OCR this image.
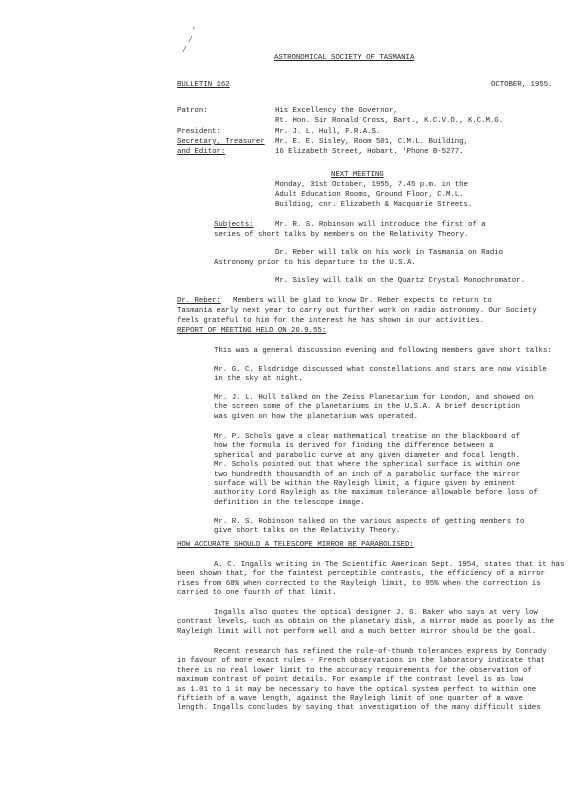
,
/
/
ASTRONOMICAL SOCIETY OF TASMANIA
BULLETIN 162	OCTOBER, 1955.
Patron:	His Excellency the Governor,
Rt. Hon. Sir Ronald Cross, Bart., K.C.V.O., K.C.M.G.
President:	Mr. J. L. Hull, F.R.A.S.
Secretary, Treasurer Mr. E. E. Sisley, Room 501, C.M.L. Building,
and Editor:	16 Elizabeth Street, Hobart. 'Phone B-5277.
NEXT MEETING
Monday, 31st October, 1955, 7.45 p.m. in the
Adult Education Rooms, Ground Floor, C.M.L.
Building, cnr. Elizabeth & Macquarie Streets.
Subjects:	Mr. R. S. Robinson will introduce the first of a
series of short talks by members on the Relativity Theory.
Dr. Reber will talk on his work in Tasmania on Radio
Astronomy prior to his departure to the U.S.A.
Mr. Sisley will talk on the Quartz Crystal Monochromator.
Dr. Reber: Members will be glad to know Dr. Reber expects to return to
Tasmania early next year to carry out further work on radio astronomy. Our Society
feels grateful to him for the interest he has shown in our activities.
REPORT OF MEETING HELD ON 26.9.55:
This was a general discussion evening and following members gave short talks:
Mr. G. C. Elsdridge discussed what constellations and stars are now visible
in the sky at night.
Mr. J. L. Hull talked on the Zeiss Planetarium for London, and showed on
the screen some of the planetariums in the U.S.A. A brief description
was given on how the planetarium was operated.
Mr. P. Schols gave a clear mathematical treatise on the blackboard of
how the formula is derived for finding the difference between a
spherical and parabolic curve at any given diameter and focal length.
Mr. Schols pointed out that where the spherical surface is within one
two hundredth thousandth of an inch of a parabolic surface the mirror
surface will be within the Rayleigh limit, a figure given by eminent
authority Lord Rayleigh as the maximum tolerance allowable before loss of
definition in the telescope image.
Mr. R. S. Robinson talked on the various aspects of getting members to
give short talks on the Relativity Theory.
HOW ACCURATE SHOULD A TELESCOPE MIRROR BE PARABOLISED:
A. C. Ingalls writing in The Scientific American Sept. 1954, states that it has
been shown that, for the faintest perceptible contrasts, the efficiency of a mirror
rises from 68% when corrected to the Rayleigh limit, to 95% when the correction is
carried to one fourth of that limit.
Ingalls also quotes the optical designer J. G. Baker who says at very low
contrast levels, such as obtain on the planetary disk, a mirror made as poorly as the
Rayleigh limit will not perform well and a much better mirror should be the goal.
Recent research has refined the rule-of-thumb tolerances express by Conrady
in favour of more exact rules - French observations in the laboratory indicate that
there is no real lower limit to the accuracy requirements for the observation of
maximum contrast of point details. For example if the contrast level is as low
as 1.01 to 1 it may be necessary to have the optical system perfect to within one
fiftieth of a wave length, against the Rayleigh limit of one quarter of a wave
length. Ingalls concludes by saying that investigation of the many difficult sides
